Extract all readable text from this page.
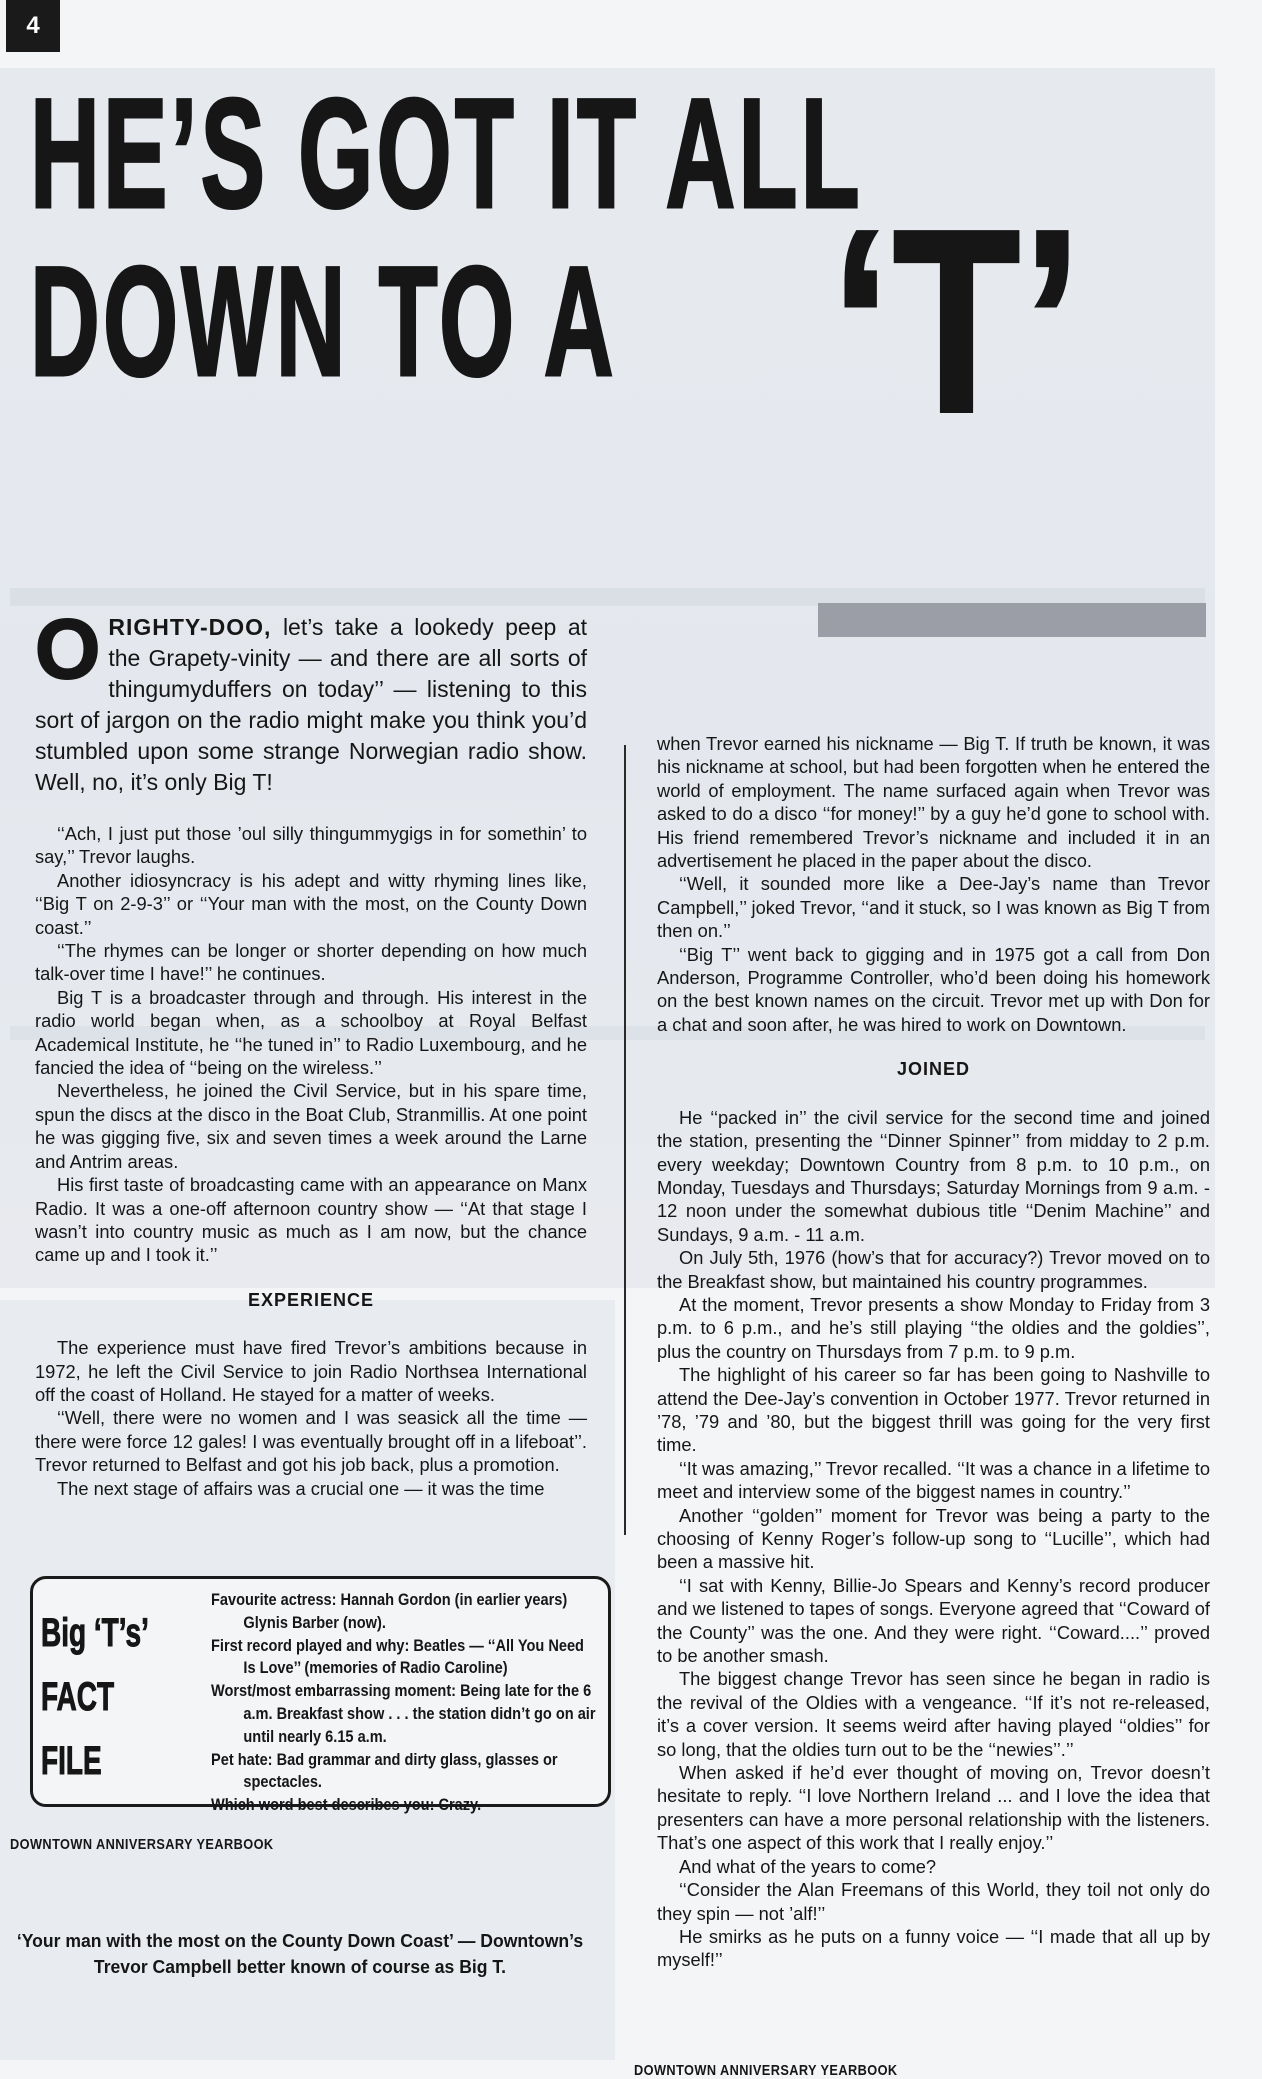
4
HE’S GOT IT ALL
DOWN TO A ‘T’
O RIGHTY-DOO, let’s take a lookedy peep at the Grapety-vinity — and there are all sorts of thingumyduffers on today’’ — listening to this sort of jargon on the radio might make you think you’d stumbled upon some strange Norwegian radio show. Well, no, it’s only Big T!

‘‘Ach, I just put those ’oul silly thingummygigs in for somethin’ to say,’’ Trevor laughs.

Another idiosyncracy is his adept and witty rhyming lines like, ‘‘Big T on 2-9-3’’ or ‘‘Your man with the most, on the County Down coast.’’

‘‘The rhymes can be longer or shorter depending on how much talk-over time I have!’’ he continues.

Big T is a broadcaster through and through. His interest in the radio world began when, as a schoolboy at Royal Belfast Academical Institute, he ‘‘he tuned in’’ to Radio Luxembourg, and he fancied the idea of ‘‘being on the wireless.’’

Nevertheless, he joined the Civil Service, but in his spare time, spun the discs at the disco in the Boat Club, Stranmillis. At one point he was gigging five, six and seven times a week around the Larne and Antrim areas.

His first taste of broadcasting came with an appearance on Manx Radio. It was a one-off afternoon country show — ‘‘At that stage I wasn’t into country music as much as I am now, but the chance came up and I took it.’’

EXPERIENCE

The experience must have fired Trevor’s ambitions because in 1972, he left the Civil Service to join Radio Northsea International off the coast of Holland. He stayed for a matter of weeks.

‘‘Well, there were no women and I was seasick all the time — there were force 12 gales! I was eventually brought off in a lifeboat’’. Trevor returned to Belfast and got his job back, plus a promotion.

The next stage of affairs was a crucial one — it was the time

when Trevor earned his nickname — Big T. If truth be known, it was his nickname at school, but had been forgotten when he entered the world of employment. The name surfaced again when Trevor was asked to do a disco ‘‘for money!’’ by a guy he’d gone to school with. His friend remembered Trevor’s nickname and included it in an advertisement he placed in the paper about the disco.

‘‘Well, it sounded more like a Dee-Jay’s name than Trevor Campbell,’’ joked Trevor, ‘‘and it stuck, so I was known as Big T from then on.’’

‘‘Big T’’ went back to gigging and in 1975 got a call from Don Anderson, Programme Controller, who’d been doing his homework on the best known names on the circuit. Trevor met up with Don for a chat and soon after, he was hired to work on Downtown.

JOINED

He ‘‘packed in’’ the civil service for the second time and joined the station, presenting the ‘‘Dinner Spinner’’ from midday to 2 p.m. every weekday; Downtown Country from 8 p.m. to 10 p.m., on Monday, Tuesdays and Thursdays; Saturday Mornings from 9 a.m. - 12 noon under the somewhat dubious title ‘‘Denim Machine’’ and Sundays, 9 a.m. - 11 a.m.

On July 5th, 1976 (how’s that for accuracy?) Trevor moved on to the Breakfast show, but maintained his country programmes.

At the moment, Trevor presents a show Monday to Friday from 3 p.m. to 6 p.m., and he’s still playing ‘‘the oldies and the goldies’’, plus the country on Thursdays from 7 p.m. to 9 p.m.

The highlight of his career so far has been going to Nashville to attend the Dee-Jay’s convention in October 1977. Trevor returned in ’78, ’79 and ’80, but the biggest thrill was going for the very first time.

‘‘It was amazing,’’ Trevor recalled. ‘‘It was a chance in a lifetime to meet and interview some of the biggest names in country.’’

Another ‘‘golden’’ moment for Trevor was being a party to the choosing of Kenny Roger’s follow-up song to ‘‘Lucille’’, which had been a massive hit.

‘‘I sat with Kenny, Billie-Jo Spears and Kenny’s record producer and we listened to tapes of songs. Everyone agreed that ‘‘Coward of the County’’ was the one. And they were right. ‘‘Coward....’’ proved to be another smash.

The biggest change Trevor has seen since he began in radio is the revival of the Oldies with a vengeance. ‘‘If it’s not re-released, it’s a cover version. It seems weird after having played ‘‘oldies’’ for so long, that the oldies turn out to be the ‘‘newies’’.’’

When asked if he’d ever thought of moving on, Trevor doesn’t hesitate to reply. ‘‘I love Northern Ireland ... and I love the idea that presenters can have a more personal relationship with the listeners. That’s one aspect of this work that I really enjoy.’’

And what of the years to come?

‘‘Consider the Alan Freemans of this World, they toil not only do they spin — not ’alf!’’

He smirks as he puts on a funny voice — ‘‘I made that all up by myself!’’

Big ‘T’s’
FACT
FILE
Favourite actress: Hannah Gordon (in earlier years) Glynis Barber (now).
First record played and why: Beatles — ‘‘All You Need Is Love’’ (memories of Radio Caroline)
Worst/most embarrassing moment: Being late for the 6 a.m. Breakfast show . . . the station didn’t go on air until nearly 6.15 a.m.
Pet hate: Bad grammar and dirty glass, glasses or spectacles.
Which word best describes you: Crazy.
DOWNTOWN ANNIVERSARY YEARBOOK
‘Your man with the most on the County Down Coast’ — Downtown’s Trevor Campbell better known of course as Big T.
DOWNTOWN ANNIVERSARY YEARBOOK
